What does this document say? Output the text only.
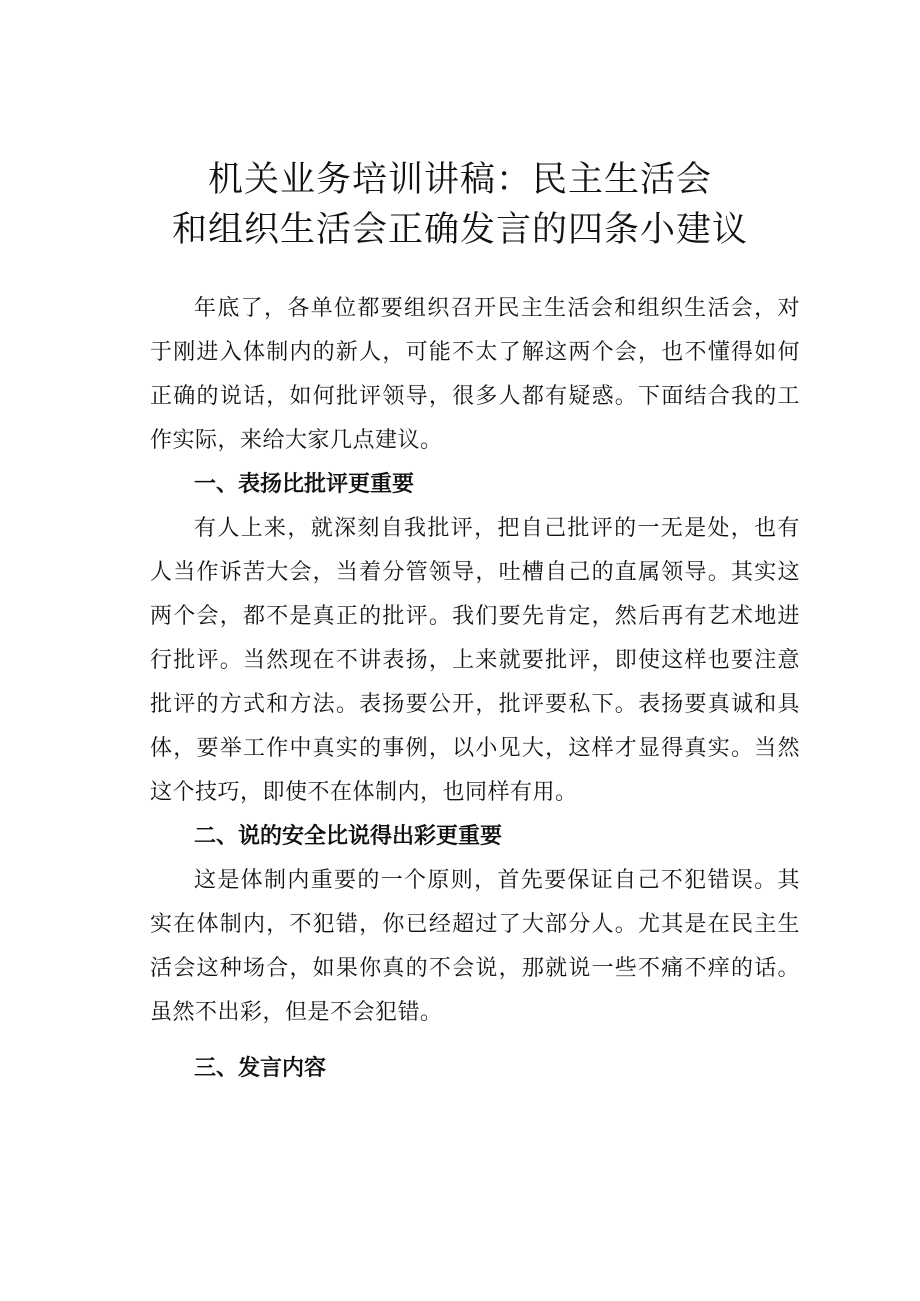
机关业务培训讲稿：民主生活会
和组织生活会正确发言的四条小建议

年底了，各单位都要组织召开民主生活会和组织生活会，对于刚进入体制内的新人，可能不太了解这两个会，也不懂得如何正确的说话，如何批评领导，很多人都有疑惑。下面结合我的工作实际，来给大家几点建议。

一、表扬比批评更重要

有人上来，就深刻自我批评，把自己批评的一无是处，也有人当作诉苦大会，当着分管领导，吐槽自己的直属领导。其实这两个会，都不是真正的批评。我们要先肯定，然后再有艺术地进行批评。当然现在不讲表扬，上来就要批评，即使这样也要注意批评的方式和方法。表扬要公开，批评要私下。表扬要真诚和具体，要举工作中真实的事例，以小见大，这样才显得真实。当然这个技巧，即使不在体制内，也同样有用。

二、说的安全比说得出彩更重要

这是体制内重要的一个原则，首先要保证自己不犯错误。其实在体制内，不犯错，你已经超过了大部分人。尤其是在民主生活会这种场合，如果你真的不会说，那就说一些不痛不痒的话。虽然不出彩，但是不会犯错。

三、发言内容
